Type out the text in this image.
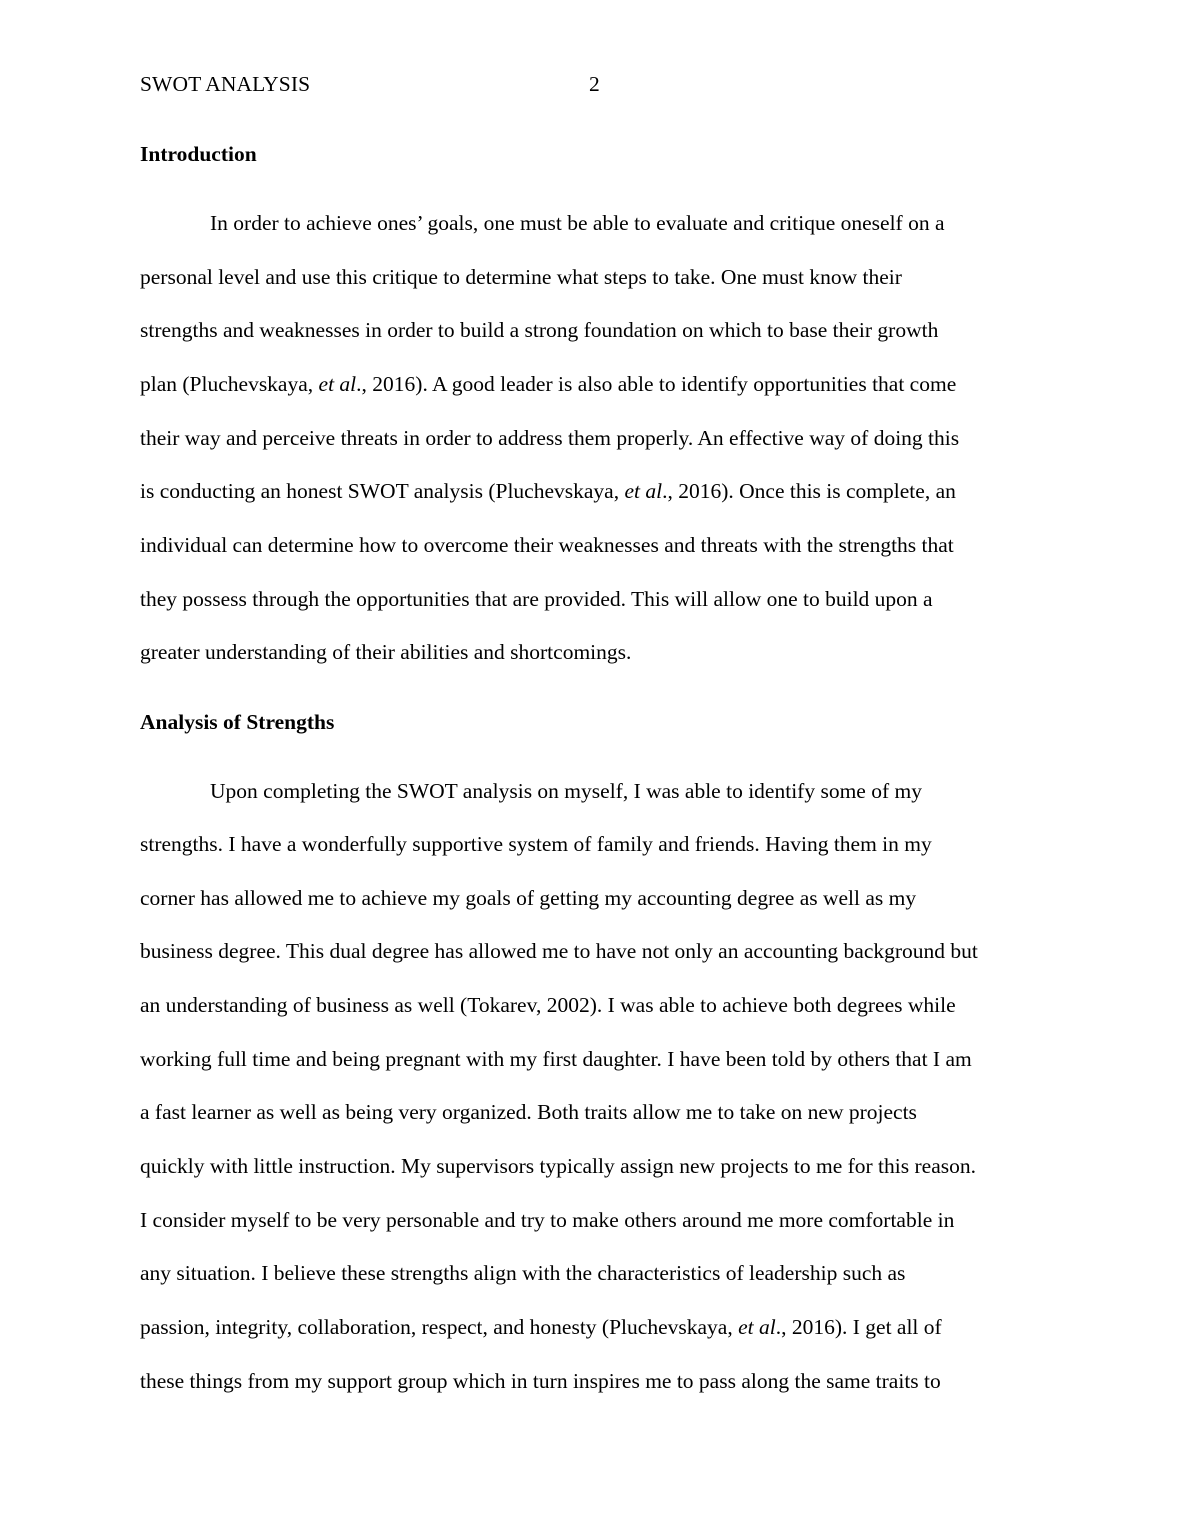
SWOT ANALYSIS	2
Introduction
In order to achieve ones’ goals, one must be able to evaluate and critique oneself on a
personal level and use this critique to determine what steps to take. One must know their
strengths and weaknesses in order to build a strong foundation on which to base their growth
plan (Pluchevskaya, et al., 2016). A good leader is also able to identify opportunities that come
their way and perceive threats in order to address them properly. An effective way of doing this
is conducting an honest SWOT analysis (Pluchevskaya, et al., 2016). Once this is complete, an
individual can determine how to overcome their weaknesses and threats with the strengths that
they possess through the opportunities that are provided. This will allow one to build upon a
greater understanding of their abilities and shortcomings.
Analysis of Strengths
Upon completing the SWOT analysis on myself, I was able to identify some of my
strengths. I have a wonderfully supportive system of family and friends. Having them in my
corner has allowed me to achieve my goals of getting my accounting degree as well as my
business degree. This dual degree has allowed me to have not only an accounting background but
an understanding of business as well (Tokarev, 2002). I was able to achieve both degrees while
working full time and being pregnant with my first daughter. I have been told by others that I am
a fast learner as well as being very organized. Both traits allow me to take on new projects
quickly with little instruction. My supervisors typically assign new projects to me for this reason.
I consider myself to be very personable and try to make others around me more comfortable in
any situation. I believe these strengths align with the characteristics of leadership such as
passion, integrity, collaboration, respect, and honesty (Pluchevskaya, et al., 2016). I get all of
these things from my support group which in turn inspires me to pass along the same traits to
